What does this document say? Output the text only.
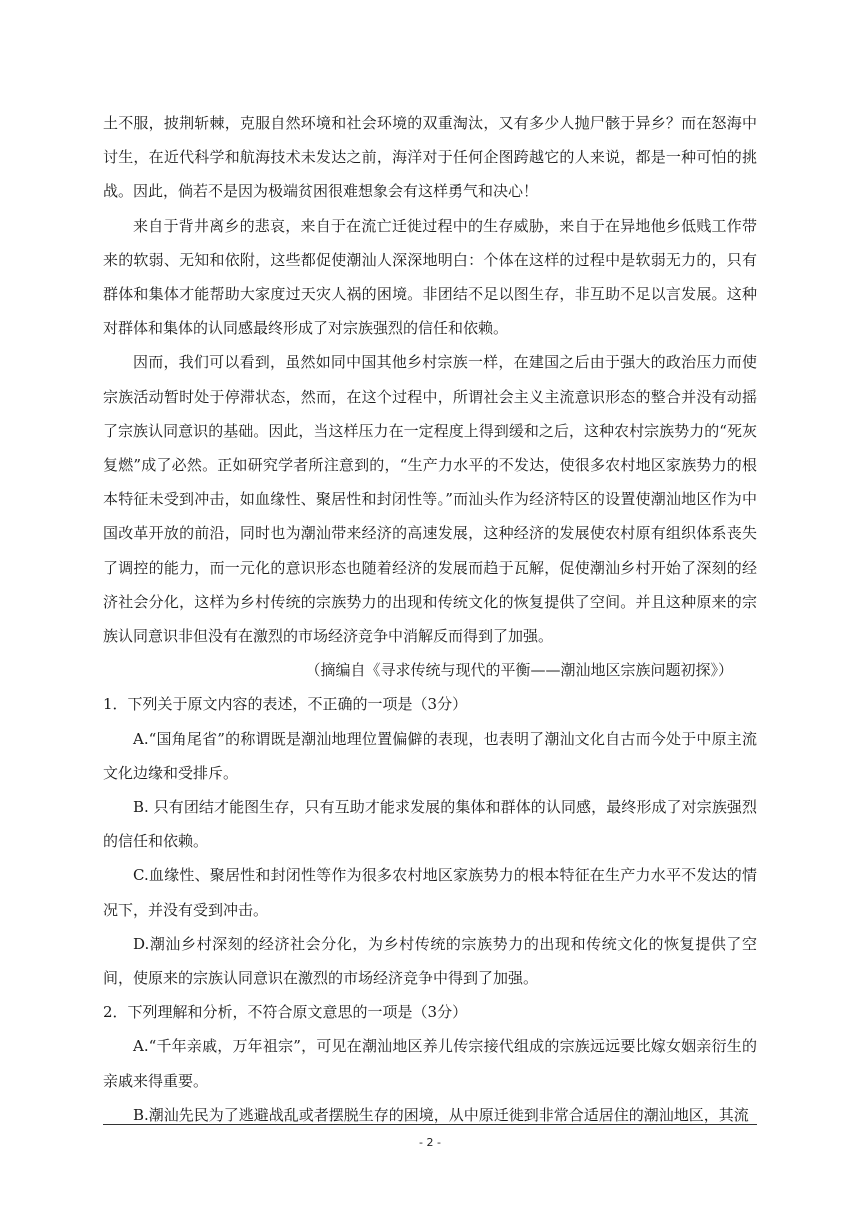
土不服，披荆斩棘，克服自然环境和社会环境的双重淘汰，又有多少人抛尸骸于异乡？而在怒海中讨生，在近代科学和航海技术未发达之前，海洋对于任何企图跨越它的人来说，都是一种可怕的挑战。因此，倘若不是因为极端贫困很难想象会有这样勇气和决心！

来自于背井离乡的悲哀，来自于在流亡迁徙过程中的生存威胁，来自于在异地他乡低贱工作带来的软弱、无知和依附，这些都促使潮汕人深深地明白：个体在这样的过程中是软弱无力的，只有群体和集体才能帮助大家度过天灾人祸的困境。非团结不足以图生存，非互助不足以言发展。这种对群体和集体的认同感最终形成了对宗族强烈的信任和依赖。

因而，我们可以看到，虽然如同中国其他乡村宗族一样，在建国之后由于强大的政治压力而使宗族活动暂时处于停滞状态，然而，在这个过程中，所谓社会主义主流意识形态的整合并没有动摇了宗族认同意识的基础。因此，当这样压力在一定程度上得到缓和之后，这种农村宗族势力的“死灰复燃”成了必然。正如研究学者所注意到的，“生产力水平的不发达，使很多农村地区家族势力的根本特征未受到冲击，如血缘性、聚居性和封闭性等。”而汕头作为经济特区的设置使潮汕地区作为中国改革开放的前沿，同时也为潮汕带来经济的高速发展，这种经济的发展使农村原有组织体系丧失了调控的能力，而一元化的意识形态也随着经济的发展而趋于瓦解，促使潮汕乡村开始了深刻的经济社会分化，这样为乡村传统的宗族势力的出现和传统文化的恢复提供了空间。并且这种原来的宗族认同意识非但没有在激烈的市场经济竞争中消解反而得到了加强。

（摘编自《寻求传统与现代的平衡——潮汕地区宗族问题初探》）

1．下列关于原文内容的表述，不正确的一项是（3分）

A.“国角尾省”的称谓既是潮汕地理位置偏僻的表现，也表明了潮汕文化自古而今处于中原主流文化边缘和受排斥。

B. 只有团结才能图生存，只有互助才能求发展的集体和群体的认同感，最终形成了对宗族强烈的信任和依赖。

C.血缘性、聚居性和封闭性等作为很多农村地区家族势力的根本特征在生产力水平不发达的情况下，并没有受到冲击。

D.潮汕乡村深刻的经济社会分化，为乡村传统的宗族势力的出现和传统文化的恢复提供了空间，使原来的宗族认同意识在激烈的市场经济竞争中得到了加强。

2．下列理解和分析，不符合原文意思的一项是（3分）

A.“千年亲戚，万年祖宗”，可见在潮汕地区养儿传宗接代组成的宗族远远要比嫁女姻亲衍生的亲戚来得重要。

B.潮汕先民为了逃避战乱或者摆脱生存的困境，从中原迁徙到非常合适居住的潮汕地区，其流

- 2 -
